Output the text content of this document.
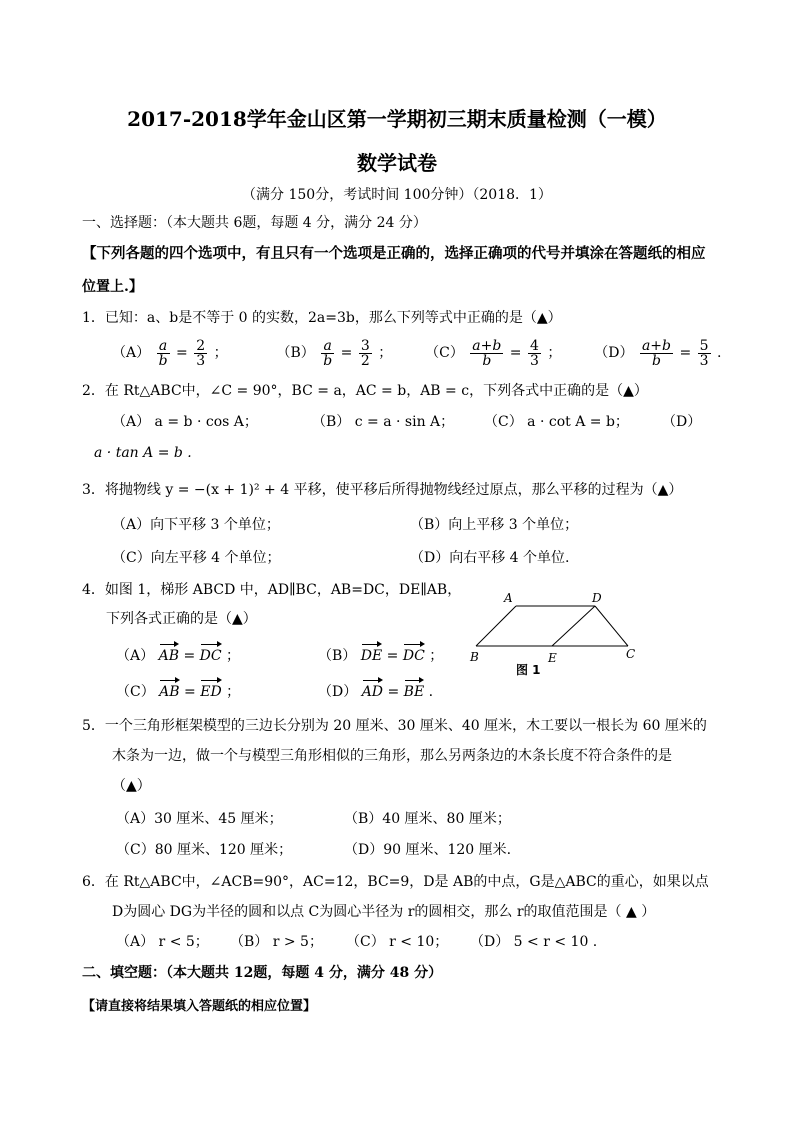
2017-2018学年金山区第一学期初三期末质量检测（一模）
数学试卷
（满分 150分，考试时间 100分钟）（2018．1）
一、选择题：（本大题共 6题，每题 4 分，满分 24 分）
【下列各题的四个选项中，有且只有一个选项是正确的，选择正确项的代号并填涂在答题纸的相应
位置上.】
1．已知：a、b是不等于 0 的实数，2a=3b，那么下列等式中正确的是（▲）
$(A) \frac{a}{b} = \frac{2}{3}$ ；	$(B) \frac{a}{b} = \frac{3}{2}$ ； $(C) \frac{a+b}{b} = \frac{4}{3}$ ； $(D) \frac{a+b}{b} = \frac{5}{3}$ .
2．在 Rt△ABC中，∠C = 90°，BC = a，AC = b，AB = c，下列各式中正确的是（▲）
（A） a = b · cos A；	（B） c = a · sin A； （C） a · cot A = b； （D）
a · tan A = b .
3．将抛物线 y = −(x + 1)² + 4 平移，使平移后所得抛物线经过原点，那么平移的过程为（▲）
（A）向下平移 3 个单位；	（B）向上平移 3 个单位；
（C）向左平移 4 个单位；	（D）向右平移 4 个单位.
4．如图 1，梯形 ABCD 中，AD∥BC，AB=DC，DE∥AB，
下列各式正确的是（▲）
（A） AB = DC ；	（B） DE = DC ；
（C） AB = ED ；	（D） AD = BE .
A	D
B	E	C
图 1
5．一个三角形框架模型的三边长分别为 20 厘米、30 厘米、40 厘米，木工要以一根长为 60 厘米的
木条为一边，做一个与模型三角形相似的三角形，那么另两条边的木条长度不符合条件的是
（▲）
（A）30 厘米、45 厘米；	（B）40 厘米、80 厘米；
（C）80 厘米、120 厘米；	（D）90 厘米、120 厘米.
6．在 Rt△ABC中，∠ACB=90°，AC=12，BC=9，D是 AB的中点，G是△ABC的重心，如果以点
D为圆心 DG为半径的圆和以点 C为圆心半径为 r的圆相交，那么 r的取值范围是（ ▲ ）
（A） r < 5； （B） r > 5； （C） r < 10； （D） 5 < r < 10 .
二、填空题：（本大题共 12题，每题 4 分，满分 48 分）
【请直接将结果填入答题纸的相应位置】
